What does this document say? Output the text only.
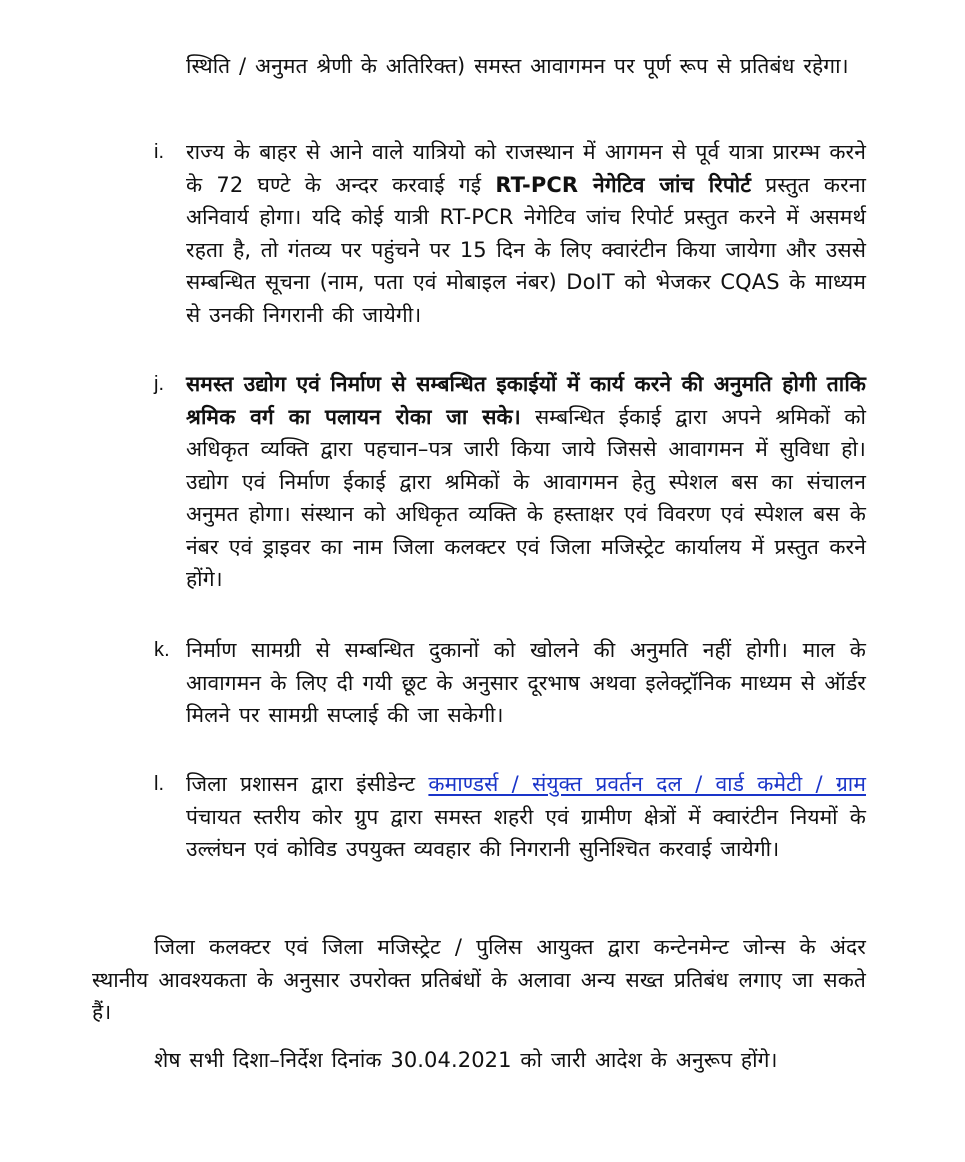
स्थिति / अनुमत श्रेणी के अतिरिक्त) समस्त आवागमन पर पूर्ण रूप से प्रतिबंध रहेगा।
i. राज्य के बाहर से आने वाले यात्रियो को राजस्थान में आगमन से पूर्व यात्रा प्रारम्भ करने के 72 घण्टे के अन्दर करवाई गई RT-PCR नेगेटिव जांच रिपोर्ट प्रस्तुत करना अनिवार्य होगा। यदि कोई यात्री RT-PCR नेगेटिव जांच रिपोर्ट प्रस्तुत करने में असमर्थ रहता है, तो गंतव्य पर पहुंचने पर 15 दिन के लिए क्वारंटीन किया जायेगा और उससे सम्बन्धित सूचना (नाम, पता एवं मोबाइल नंबर) DoIT को भेजकर CQAS के माध्यम से उनकी निगरानी की जायेगी।
j. समस्त उद्योग एवं निर्माण से सम्बन्धित इकाईयों में कार्य करने की अनुमति होगी ताकि श्रमिक वर्ग का पलायन रोका जा सके। सम्बन्धित ईकाई द्वारा अपने श्रमिकों को अधिकृत व्यक्ति द्वारा पहचान–पत्र जारी किया जाये जिससे आवागमन में सुविधा हो। उद्योग एवं निर्माण ईकाई द्वारा श्रमिकों के आवागमन हेतु स्पेशल बस का संचालन अनुमत होगा। संस्थान को अधिकृत व्यक्ति के हस्ताक्षर एवं विवरण एवं स्पेशल बस के नंबर एवं ड्राइवर का नाम जिला कलक्टर एवं जिला मजिस्ट्रेट कार्यालय में प्रस्तुत करने होंगे।
k. निर्माण सामग्री से सम्बन्धित दुकानों को खोलने की अनुमति नहीं होगी। माल के आवागमन के लिए दी गयी छूट के अनुसार दूरभाष अथवा इलेक्ट्रॉनिक माध्यम से ऑर्डर मिलने पर सामग्री सप्लाई की जा सकेगी।
l. जिला प्रशासन द्वारा इंसीडेन्ट कमाण्डर्स / संयुक्त प्रवर्तन दल / वार्ड कमेटी / ग्राम पंचायत स्तरीय कोर ग्रुप द्वारा समस्त शहरी एवं ग्रामीण क्षेत्रों में क्वारंटीन नियमों के उल्लंघन एवं कोविड उपयुक्त व्यवहार की निगरानी सुनिश्चित करवाई जायेगी।
जिला कलक्टर एवं जिला मजिस्ट्रेट / पुलिस आयुक्त द्वारा कन्टेनमेन्ट जोन्स के अंदर स्थानीय आवश्यकता के अनुसार उपरोक्त प्रतिबंधों के अलावा अन्य सख्त प्रतिबंध लगाए जा सकते हैं।
शेष सभी दिशा–निर्देश दिनांक 30.04.2021 को जारी आदेश के अनुरूप होंगे।
